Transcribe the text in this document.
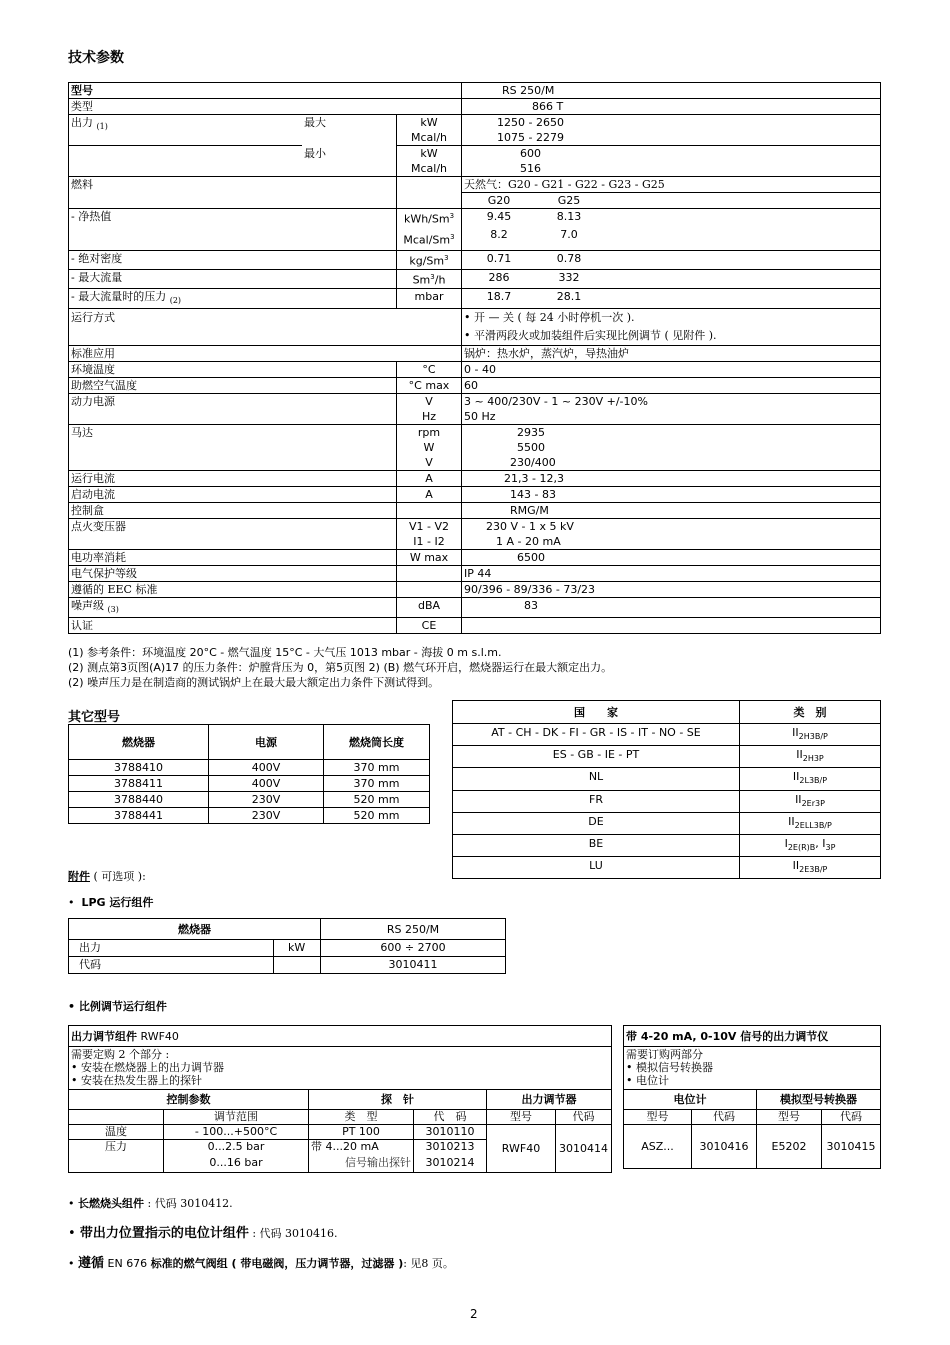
技术参数
型号			RS 250/M
类型			866 T
出力 $_{(1)}$	最大	kW	1250 - 2650
		Mcal/h	1075 - 2279
	最小	kW	600
		Mcal/h	516
燃料			天然气：G20 - G21 - G22 - G23 - G25
			G20 G25
- 净热值		kWh/Sm$^3$	9.45 8.13
		Mcal/Sm$^3$	8.2 7.0
- 绝对密度		kg/Sm$^3$	0.71 0.78
- 最大流量		Sm$^3$/h	286 332
- 最大流量时的压力 $_{(2)}$		mbar	18.7 28.1
运行方式			• 开 — 关 ( 每 24 小时停机一次 ).
			• 平滑两段火或加装组件后实现比例调节 ( 见附件 ).
标准应用			锅炉：热水炉，蒸汽炉，导热油炉
环境温度		°C	0 - 40
助燃空气温度		°C max	60
动力电源		V	3 ~ 400/230V - 1 ~ 230V +/-10%
		Hz	50 Hz
马达		rpm	2935
		W	5500
		V	230/400
运行电流		A	21,3 - 12,3
启动电流		A	143 - 83
控制盒			RMG/M
点火变压器		V1 - V2	230 V - 1 x 5 kV
		I1 - I2	1 A - 20 mA
电功率消耗		W max	6500
电气保护等级			IP 44
遵循的 EEC 标准			90/396 - 89/336 - 73/23
噪声级 $_{(3)}$		dBA	83
认证		CE	
(1) 参考条件：环境温度 20°C - 燃气温度 15°C - 大气压 1013 mbar - 海拔 0 m s.l.m.
(2) 测点第3页图(A)17 的压力条件：炉膛背压为 0，第5页图 2) (B) 燃气环开启，燃烧器运行在最大额定出力。
(2) 噪声压力是在制造商的测试锅炉上在最大最大额定出力条件下测试得到。
其它型号
燃烧器	电源	燃烧筒长度
3788410	400V	370 mm
3788411	400V	370 mm
3788440	230V	520 mm
3788441	230V	520 mm
国　　家	类　别
AT - CH - DK - FI - GR - IS - IT - NO - SE	$II_{2H3B/P}$
ES - GB - IE - PT	$II_{2H3P}$
NL	$II_{2L3B/P}$
FR	$II_{2Er3P}$
DE	$II_{2ELL3B/P}$
BE	$I_{2E(R)B}$, $I_{3P}$
LU	$II_{2E3B/P}$
附件 ( 可选项 ):
•  LPG 运行组件
燃烧器		RS 250/M
出力	kW	600 ÷ 2700
代码		3010411
• 比例调节运行组件
出力调节组件 RWF40					

需要定购 2 个部分 :
• 安装在燃烧器上的出力调节器
• 安装在热发生器上的探针					

控制参数		探　针		出力调节器	
	调节范围	类　型	代　码	型号	代码
温度	- 100...+500°C	PT 100	3010110	RWF40	3010414
压力	0...2.5 bar	带 4...20 mA	3010213		
	0...16 bar	信号输出探针	3010214		
带 4-20 mA, 0-10V 信号的出力调节仪			

需要订购两部分
• 模拟信号转换器
• 电位计			

电位计		模拟型号转换器	
型号	代码	型号	代码
ASZ...	3010416	E5202	3010415
• 长燃烧头组件 : 代码 3010412.
• 带出力位置指示的电位计组件 : 代码 3010416.
• 遵循 EN 676 标准的燃气阀组 ( 带电磁阀，压力调节器，过滤器 ): 见8 页。
2
